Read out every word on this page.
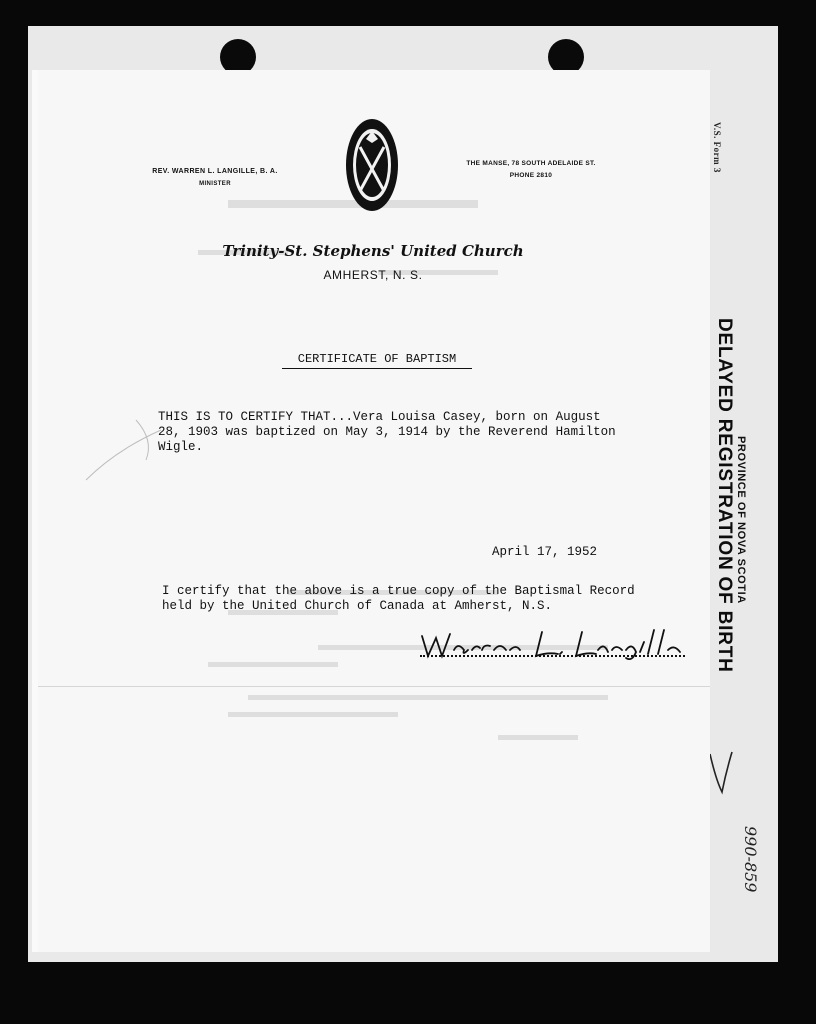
V.S. Form 3
PROVINCE OF NOVA SCOTIA
DELAYED REGISTRATION OF BIRTH
990-859
REV. WARREN L. LANGILLE, B. A.
MINISTER
THE MANSE, 78 SOUTH ADELAIDE ST.
PHONE 2810
Trinity-St. Stephens' United Church
AMHERST, N. S.
CERTIFICATE OF BAPTISM
THIS IS TO CERTIFY THAT...Vera Louisa Casey, born on August
28, 1903 was baptized on May 3, 1914 by the Reverend Hamilton
Wigle.
April 17, 1952
I certify that the above is a true copy of the Baptismal Record
held by the United Church of Canada at Amherst, N.S.
